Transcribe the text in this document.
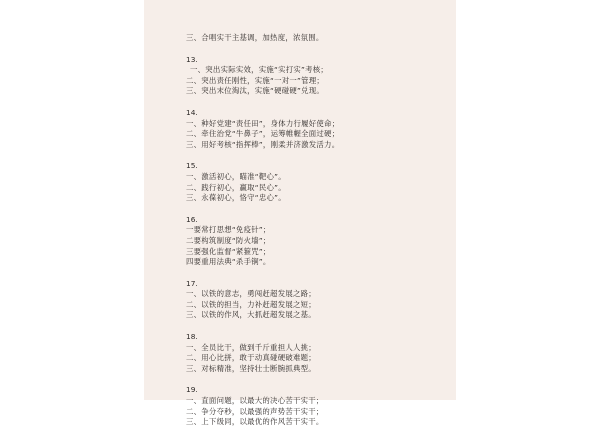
三、合唱实干主基调，加热度，浓氛围。
13.
一、突出实际实效，实施“实打实”考核；
二、突出责任刚性，实施“一对一”管理；
三、突出末位淘汰，实施“硬碰硬”兑现。
14.
一、种好党建“责任田”，身体力行履好使命；
二、牵住治党“牛鼻子”，运筹帷幄全面过硬；
三、用好考核“指挥棒”，刚柔并济激发活力。
15.
一、激活初心，瞄准“靶心”。
二、践行初心，赢取“民心”。
三、永葆初心，恪守“忠心”。
16.
一要常打思想“免疫针”；
二要构筑制度“防火墙”；
三要强化监督“紧箍咒”；
四要重用法典“杀手锏”。
17.
一、以铁的意志，勇闯赶超发展之路；
二、以铁的担当，力补赶超发展之短；
三、以铁的作风，大抓赶超发展之基。
18.
一、全员比干，做到千斤重担人人挑；
二、用心比拼，敢于动真碰硬破难题；
三、对标精准，坚持壮士断腕抓典型。
19.
一、直面问题，以最大的决心苦干实干；
二、争分夺秒，以最强的声势苦干实干；
三、上下级同，以最优的作风苦干实干。
